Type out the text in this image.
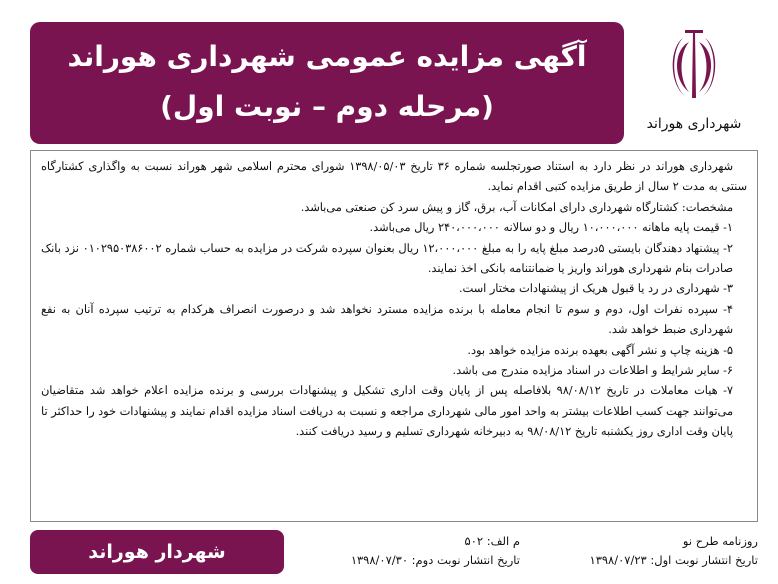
آگهی مزایده عمومی شهرداری هوراند
(مرحله دوم – نوبت اول)
شهرداری هوراند

شهرداری هوراند در نظر دارد به استناد صورتجلسه شماره ۳۶ تاریخ ۱۳۹۸/۰۵/۰۳ شورای محترم اسلامی شهر هوراند نسبت به واگذاری کشتارگاه سنتی به مدت ۲ سال از طریق مزایده کتبی اقدام نماید.

مشخصات: کشتارگاه شهرداری دارای امکانات آب، برق، گاز و پیش سرد کن صنعتی می‌باشد.

۱- قیمت پایه ماهانه ۱۰،۰۰۰،۰۰۰ ریال و دو سالانه ۲۴۰،۰۰۰،۰۰۰ ریال می‌باشد.

۲- پیشنهاد دهندگان بایستی ۵درصد مبلغ پایه را به مبلغ ۱۲،۰۰۰،۰۰۰ ریال بعنوان سپرده شرکت در مزایده به حساب شماره ۰۱۰۲۹۵۰۳۸۶۰۰۲ نزد بانک صادرات بنام شهرداری هوراند واریز یا ضمانتنامه بانکی اخذ نمایند.

۳- شهرداری در رد یا قبول هریک از پیشنهادات مختار است.

۴- سپرده نفرات اول، دوم و سوم تا انجام معامله با برنده مزایده مسترد نخواهد شد و درصورت انصراف هرکدام به ترتیب سپرده آنان به نفع شهرداری ضبط خواهد شد.

۵- هزینه چاپ و نشر آگهی بعهده برنده مزایده خواهد بود.

۶- سایر شرایط و اطلاعات در اسناد مزایده مندرج می باشد.

۷- هیات معاملات در تاریخ ۹۸/۰۸/۱۲ بلافاصله پس از پایان وقت اداری تشکیل و پیشنهادات بررسی و برنده مزایده اعلام خواهد شد متقاضیان می‌توانند جهت کسب اطلاعات بیشتر به واحد امور مالی شهرداری مراجعه و نسبت به دریافت اسناد مزایده اقدام نمایند و پیشنهادات خود را حداکثر تا پایان وقت اداری روز یکشنبه تاریخ ۹۸/۰۸/۱۲ به دبیرخانه شهرداری تسلیم و رسید دریافت کنند.

روزنامه طرح نو
تاریخ انتشار نوبت اول: ۱۳۹۸/۰۷/۲۳
م الف: ۵۰۲
تاریخ انتشار نوبت دوم: ۱۳۹۸/۰۷/۳۰
شهردار هوراند
